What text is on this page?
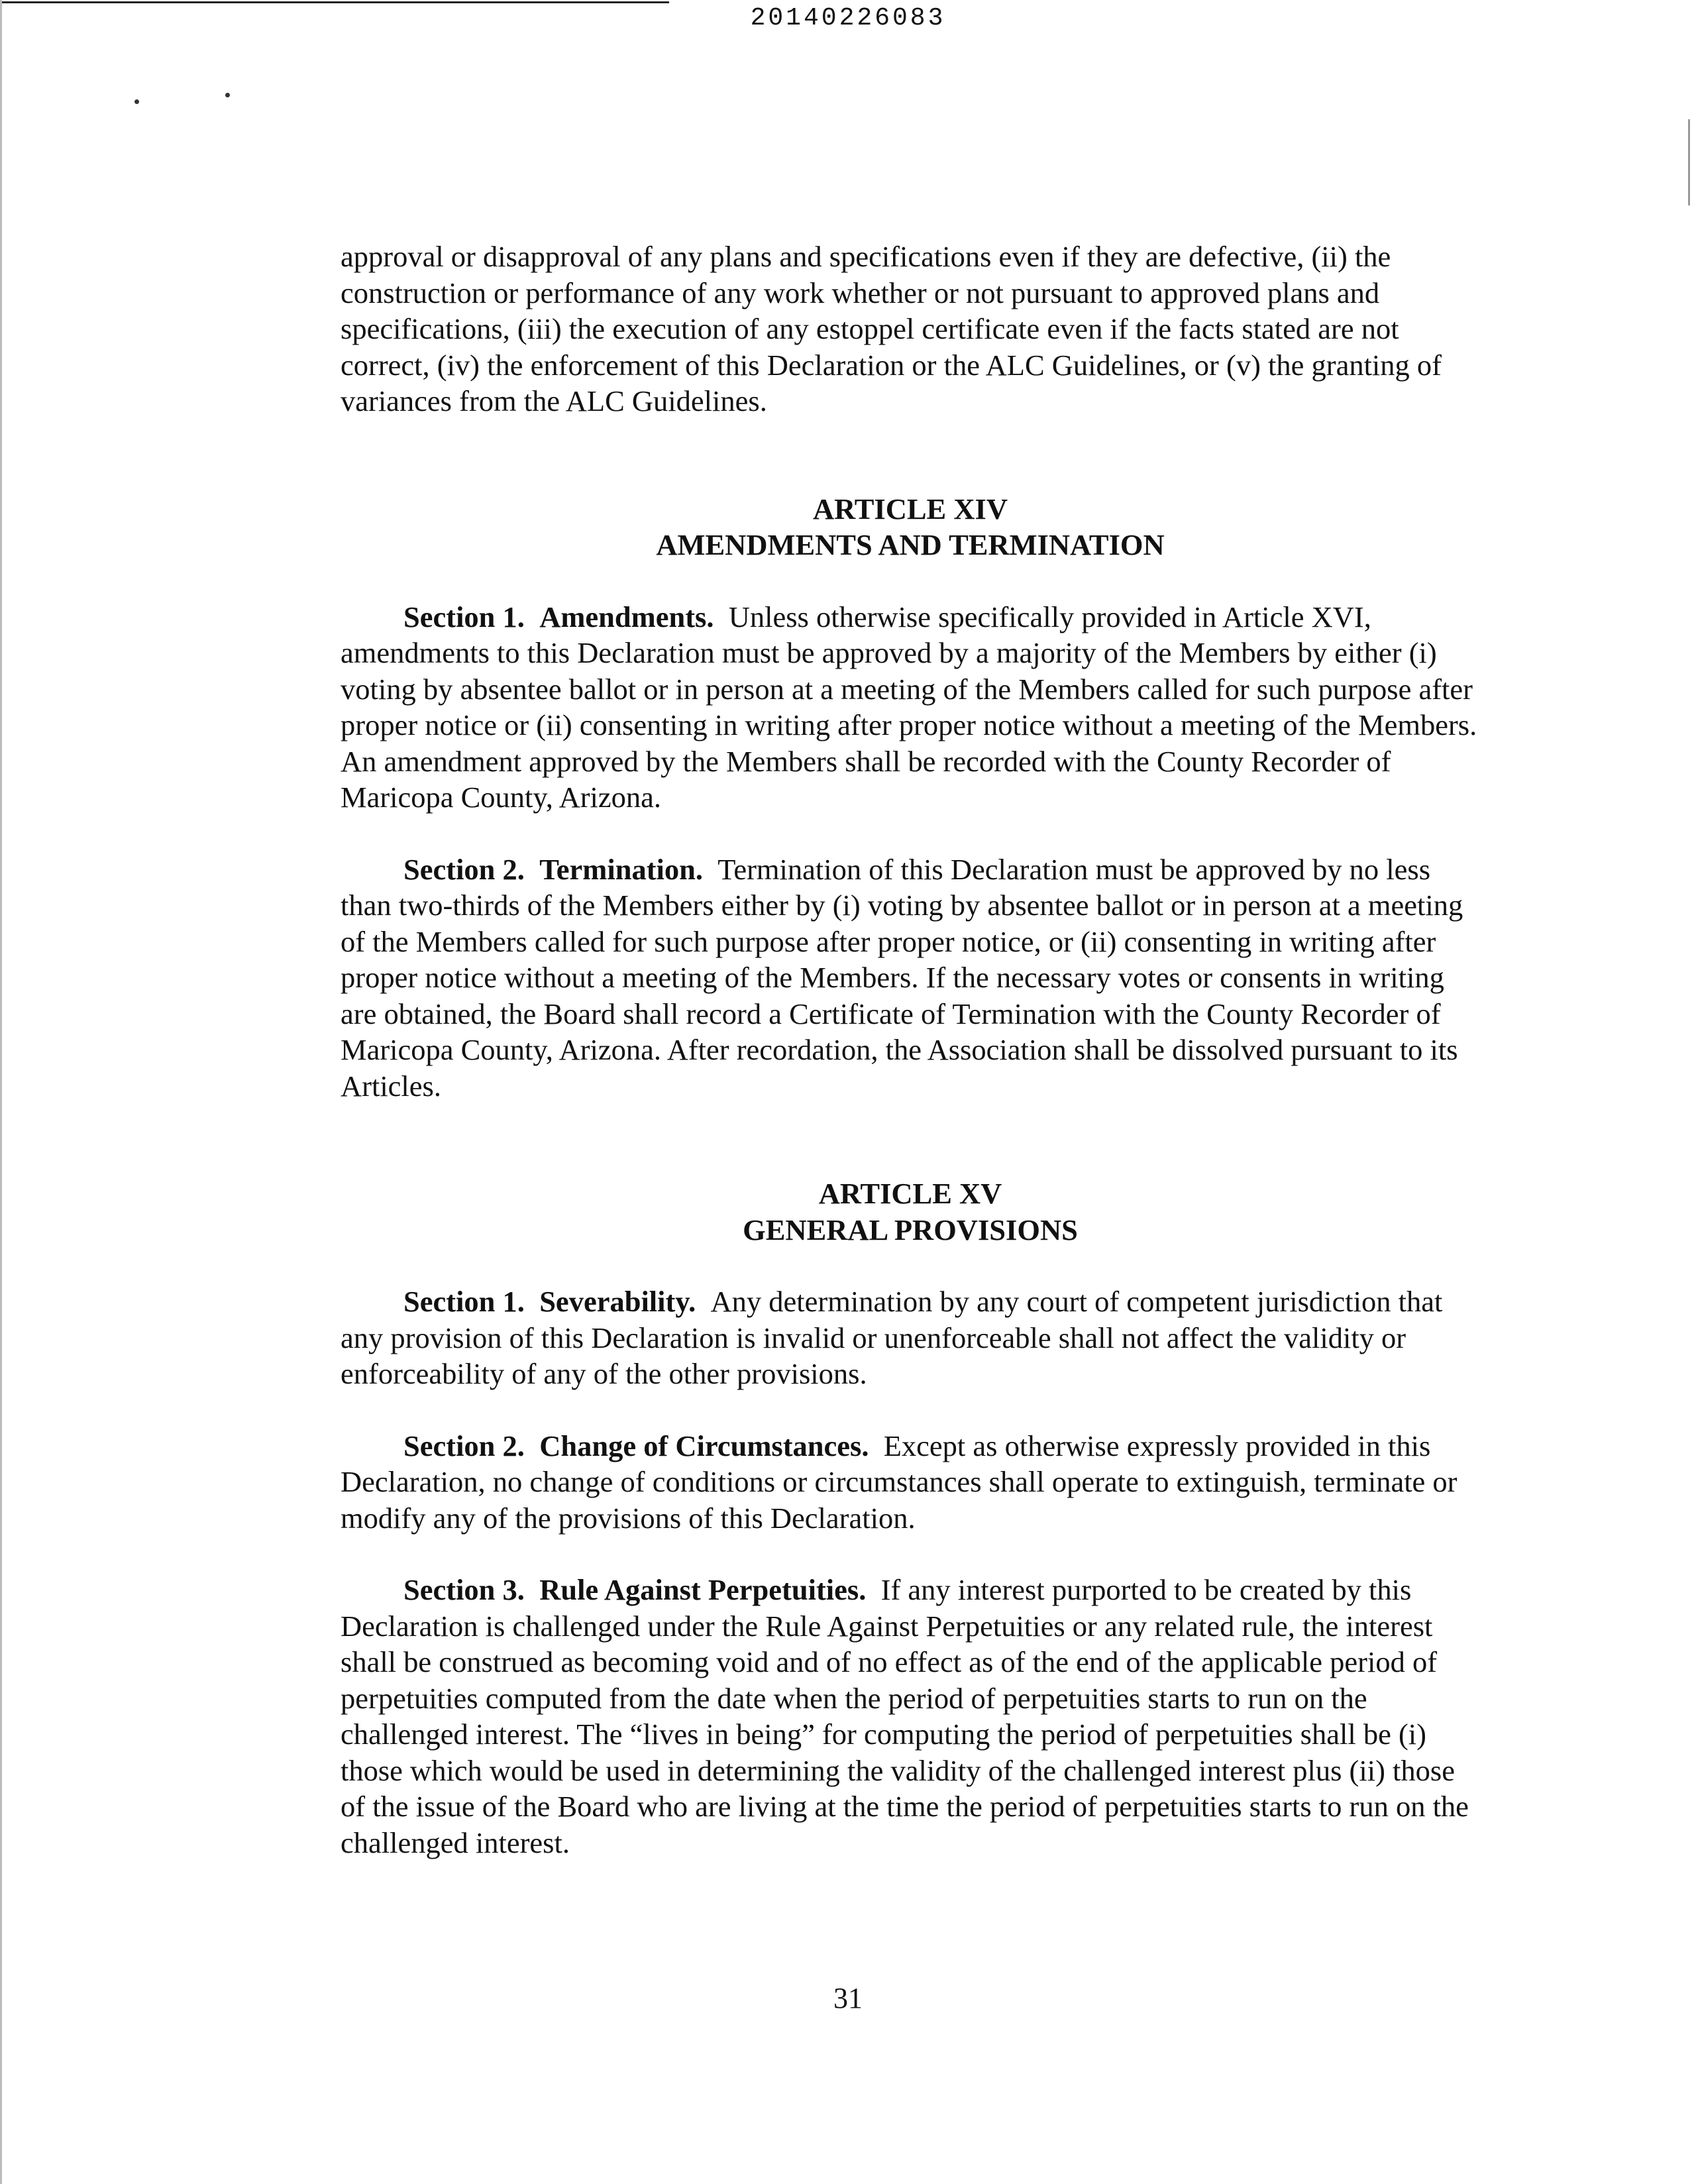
20140226083

approval or disapproval of any plans and specifications even if they are defective, (ii) the construction or performance of any work whether or not pursuant to approved plans and specifications, (iii) the execution of any estoppel certificate even if the facts stated are not correct, (iv) the enforcement of this Declaration or the ALC Guidelines, or (v) the granting of variances from the ALC Guidelines.

ARTICLE XIV

AMENDMENTS AND TERMINATION

Section 1. Amendments. Unless otherwise specifically provided in Article XVI, amendments to this Declaration must be approved by a majority of the Members by either (i) voting by absentee ballot or in person at a meeting of the Members called for such purpose after proper notice or (ii) consenting in writing after proper notice without a meeting of the Members. An amendment approved by the Members shall be recorded with the County Recorder of Maricopa County, Arizona.

Section 2. Termination. Termination of this Declaration must be approved by no less than two-thirds of the Members either by (i) voting by absentee ballot or in person at a meeting of the Members called for such purpose after proper notice, or (ii) consenting in writing after proper notice without a meeting of the Members. If the necessary votes or consents in writing are obtained, the Board shall record a Certificate of Termination with the County Recorder of Maricopa County, Arizona. After recordation, the Association shall be dissolved pursuant to its Articles.

ARTICLE XV

GENERAL PROVISIONS

Section 1. Severability. Any determination by any court of competent jurisdiction that any provision of this Declaration is invalid or unenforceable shall not affect the validity or enforceability of any of the other provisions.

Section 2. Change of Circumstances. Except as otherwise expressly provided in this Declaration, no change of conditions or circumstances shall operate to extinguish, terminate or modify any of the provisions of this Declaration.

Section 3. Rule Against Perpetuities. If any interest purported to be created by this Declaration is challenged under the Rule Against Perpetuities or any related rule, the interest shall be construed as becoming void and of no effect as of the end of the applicable period of perpetuities computed from the date when the period of perpetuities starts to run on the challenged interest. The “lives in being” for computing the period of perpetuities shall be (i) those which would be used in determining the validity of the challenged interest plus (ii) those of the issue of the Board who are living at the time the period of perpetuities starts to run on the challenged interest.

31
